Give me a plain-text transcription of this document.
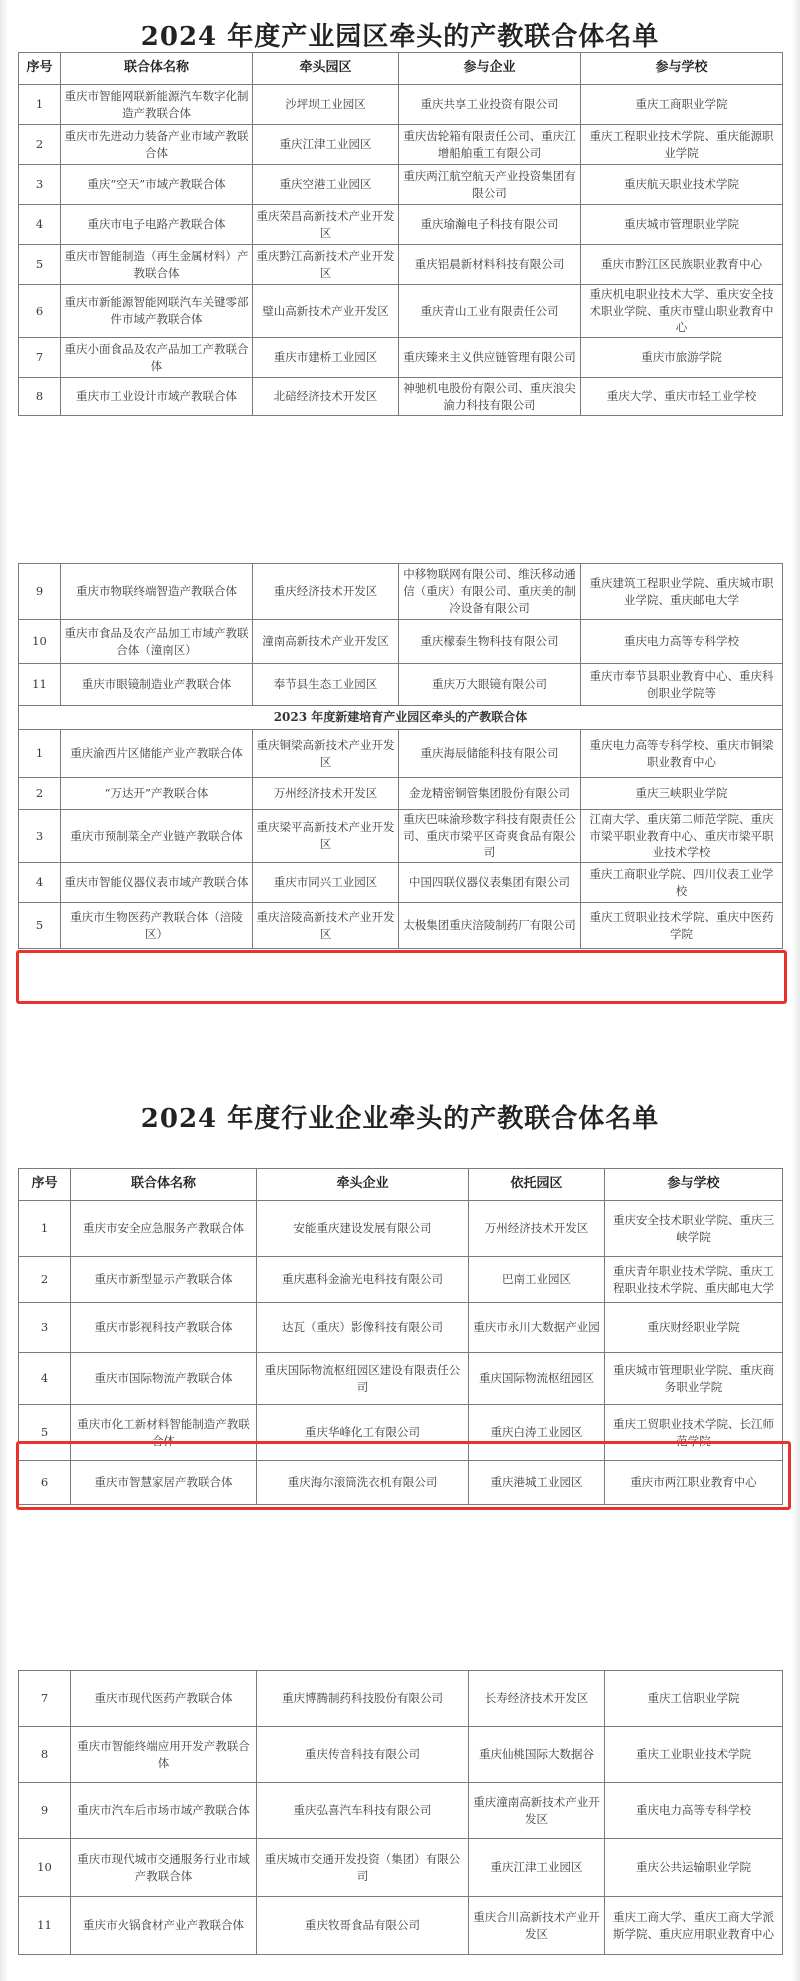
2024 年度产业园区牵头的产教联合体名单
序号	联合体名称	牵头园区	参与企业	参与学校
1	重庆市智能网联新能源汽车数字化制造产教联合体	沙坪坝工业园区	重庆共享工业投资有限公司	重庆工商职业学院
2	重庆市先进动力装备产业市域产教联合体	重庆江津工业园区	重庆齿轮箱有限责任公司、重庆江增船舶重工有限公司	重庆工程职业技术学院、重庆能源职业学院
3	重庆“空天”市域产教联合体	重庆空港工业园区	重庆两江航空航天产业投资集团有限公司	重庆航天职业技术学院
4	重庆市电子电路产教联合体	重庆荣昌高新技术产业开发区	重庆瑜瀚电子科技有限公司	重庆城市管理职业学院
5	重庆市智能制造（再生金属材料）产教联合体	重庆黔江高新技术产业开发区	重庆铝晨新材料科技有限公司	重庆市黔江区民族职业教育中心
6	重庆市新能源智能网联汽车关键零部件市域产教联合体	璧山高新技术产业开发区	重庆青山工业有限责任公司	重庆机电职业技术大学、重庆安全技术职业学院、重庆市璧山职业教育中心
7	重庆小面食品及农产品加工产教联合体	重庆市建桥工业园区	重庆臻来主义供应链管理有限公司	重庆市旅游学院
8	重庆市工业设计市域产教联合体	北碚经济技术开发区	神驰机电股份有限公司、重庆浪尖渝力科技有限公司	重庆大学、重庆市轻工业学校
9	重庆市物联终端智造产教联合体	重庆经济技术开发区	中移物联网有限公司、维沃移动通信（重庆）有限公司、重庆美的制冷设备有限公司	重庆建筑工程职业学院、重庆城市职业学院、重庆邮电大学
10	重庆市食品及农产品加工市域产教联合体（潼南区）	潼南高新技术产业开发区	重庆檬泰生物科技有限公司	重庆电力高等专科学校
11	重庆市眼镜制造业产教联合体	奉节县生态工业园区	重庆万大眼镜有限公司	重庆市奉节县职业教育中心、重庆科创职业学院等
2023 年度新建培育产业园区牵头的产教联合体				
1	重庆渝西片区储能产业产教联合体	重庆铜梁高新技术产业开发区	重庆海辰储能科技有限公司	重庆电力高等专科学校、重庆市铜梁职业教育中心
2	“万达开”产教联合体	万州经济技术开发区	金龙精密铜管集团股份有限公司	重庆三峡职业学院
3	重庆市预制菜全产业链产教联合体	重庆梁平高新技术产业开发区	重庆巴味渝珍数字科技有限责任公司、重庆市梁平区奇爽食品有限公司	江南大学、重庆第二师范学院、重庆市梁平职业教育中心、重庆市梁平职业技术学校
4	重庆市智能仪器仪表市域产教联合体	重庆市同兴工业园区	中国四联仪器仪表集团有限公司	重庆工商职业学院、四川仪表工业学校
5	重庆市生物医药产教联合体（涪陵区）	重庆涪陵高新技术产业开发区	太极集团重庆涪陵制药厂有限公司	重庆工贸职业技术学院、重庆中医药学院
2024 年度行业企业牵头的产教联合体名单
序号	联合体名称	牵头企业	依托园区	参与学校
1	重庆市安全应急服务产教联合体	安能重庆建设发展有限公司	万州经济技术开发区	重庆安全技术职业学院、重庆三峡学院
2	重庆市新型显示产教联合体	重庆惠科金渝光电科技有限公司	巴南工业园区	重庆青年职业技术学院、重庆工程职业技术学院、重庆邮电大学
3	重庆市影视科技产教联合体	达瓦（重庆）影像科技有限公司	重庆市永川大数据产业园	重庆财经职业学院
4	重庆市国际物流产教联合体	重庆国际物流枢纽园区建设有限责任公司	重庆国际物流枢纽园区	重庆城市管理职业学院、重庆商务职业学院
5	重庆市化工新材料智能制造产教联合体	重庆华峰化工有限公司	重庆白涛工业园区	重庆工贸职业技术学院、长江师范学院
6	重庆市智慧家居产教联合体	重庆海尔滚筒洗衣机有限公司	重庆港城工业园区	重庆市两江职业教育中心
7	重庆市现代医药产教联合体	重庆博腾制药科技股份有限公司	长寿经济技术开发区	重庆工信职业学院
8	重庆市智能终端应用开发产教联合体	重庆传音科技有限公司	重庆仙桃国际大数据谷	重庆工业职业技术学院
9	重庆市汽车后市场市域产教联合体	重庆弘喜汽车科技有限公司	重庆潼南高新技术产业开发区	重庆电力高等专科学校
10	重庆市现代城市交通服务行业市域产教联合体	重庆城市交通开发投资（集团）有限公司	重庆江津工业园区	重庆公共运输职业学院
11	重庆市火锅食材产业产教联合体	重庆牧哥食品有限公司	重庆合川高新技术产业开发区	重庆工商大学、重庆工商大学派斯学院、重庆应用职业教育中心
